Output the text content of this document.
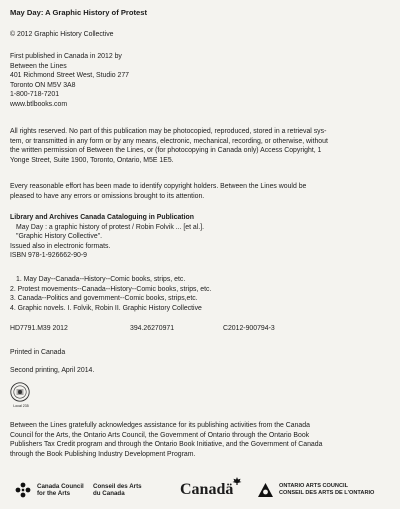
May Day: A Graphic History of Protest
© 2012 Graphic History Collective
First published in Canada in 2012 by
Between the Lines
401 Richmond Street West, Studio 277
Toronto ON M5V 3A8
1-800-718-7201
www.btlbooks.com
All rights reserved. No part of this publication may be photocopied, reproduced, stored in a retrieval sys-
tem, or transmitted in any form or by any means, electronic, mechanical, recording, or otherwise, without
the written permission of Between the Lines, or (for photocopying in Canada only) Access Copyright, 1
Yonge Street, Suite 1900, Toronto, Ontario, M5E 1E5.
Every reasonable effort has been made to identify copyright holders. Between the Lines would be
pleased to have any errors or omissions brought to its attention.
Library and Archives Canada Cataloguing in Publication
May Day : a graphic history of protest / Robin Folvik ... [et al.].
"Graphic History Collective".
Issued also in electronic formats.
ISBN 978-1-926662-90-9
1. May Day--Canada--History--Comic books, strips, etc.
2. Protest movements--Canada--History--Comic books, strips, etc.
3. Canada--Politics and government--Comic books, strips,etc.
4. Graphic novels. I. Folvik, Robin II. Graphic History Collective
HD7791.M39 2012	394.26270971	C2012-900794-3
Printed in Canada
Second printing, April 2014.
Local 235
Between the Lines gratefully acknowledges assistance for its publishing activities from the Canada
Council for the Arts, the Ontario Arts Council, the Government of Ontario through the Ontario Book
Publishers Tax Credit program and through the Ontario Book Initiative, and the Government of Canada
through the Book Publishing Industry Development Program.
Canada Council
for the Arts
Conseil des Arts
du Canada	Canadä	ONTARIO ARTS COUNCIL
CONSEIL DES ARTS DE L'ONTARIO
